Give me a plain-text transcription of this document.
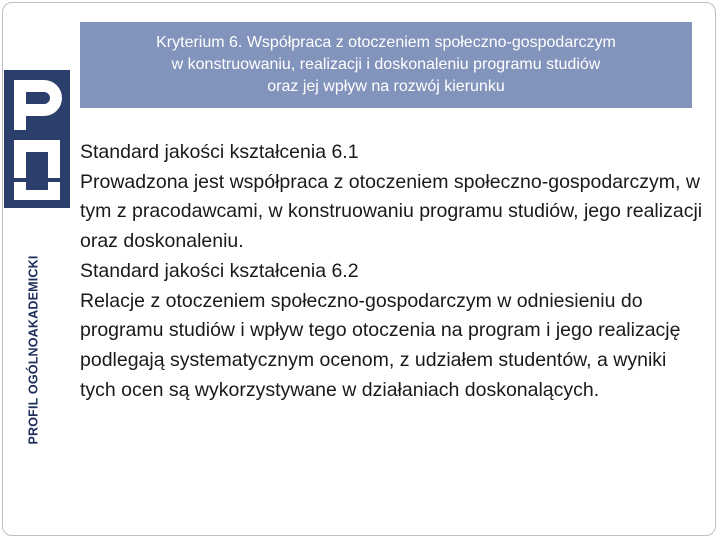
PROFIL OGÓLNOAKADEMICKI

Kryterium 6. Współpraca z otoczeniem społeczno-gospodarczym
w konstruowaniu, realizacji i doskonaleniu programu studiów
oraz jej wpływ na rozwój kierunku

Standard jakości kształcenia 6.1

Prowadzona jest współpraca z otoczeniem społeczno-gospodarczym, w tym z pracodawcami, w konstruowaniu programu studiów, jego realizacji oraz doskonaleniu.

Standard jakości kształcenia 6.2

Relacje z otoczeniem społeczno-gospodarczym w odniesieniu do programu studiów i wpływ tego otoczenia na program i jego realizację podlegają systematycznym ocenom, z udziałem studentów, a wyniki tych ocen są wykorzystywane w działaniach doskonalących.
